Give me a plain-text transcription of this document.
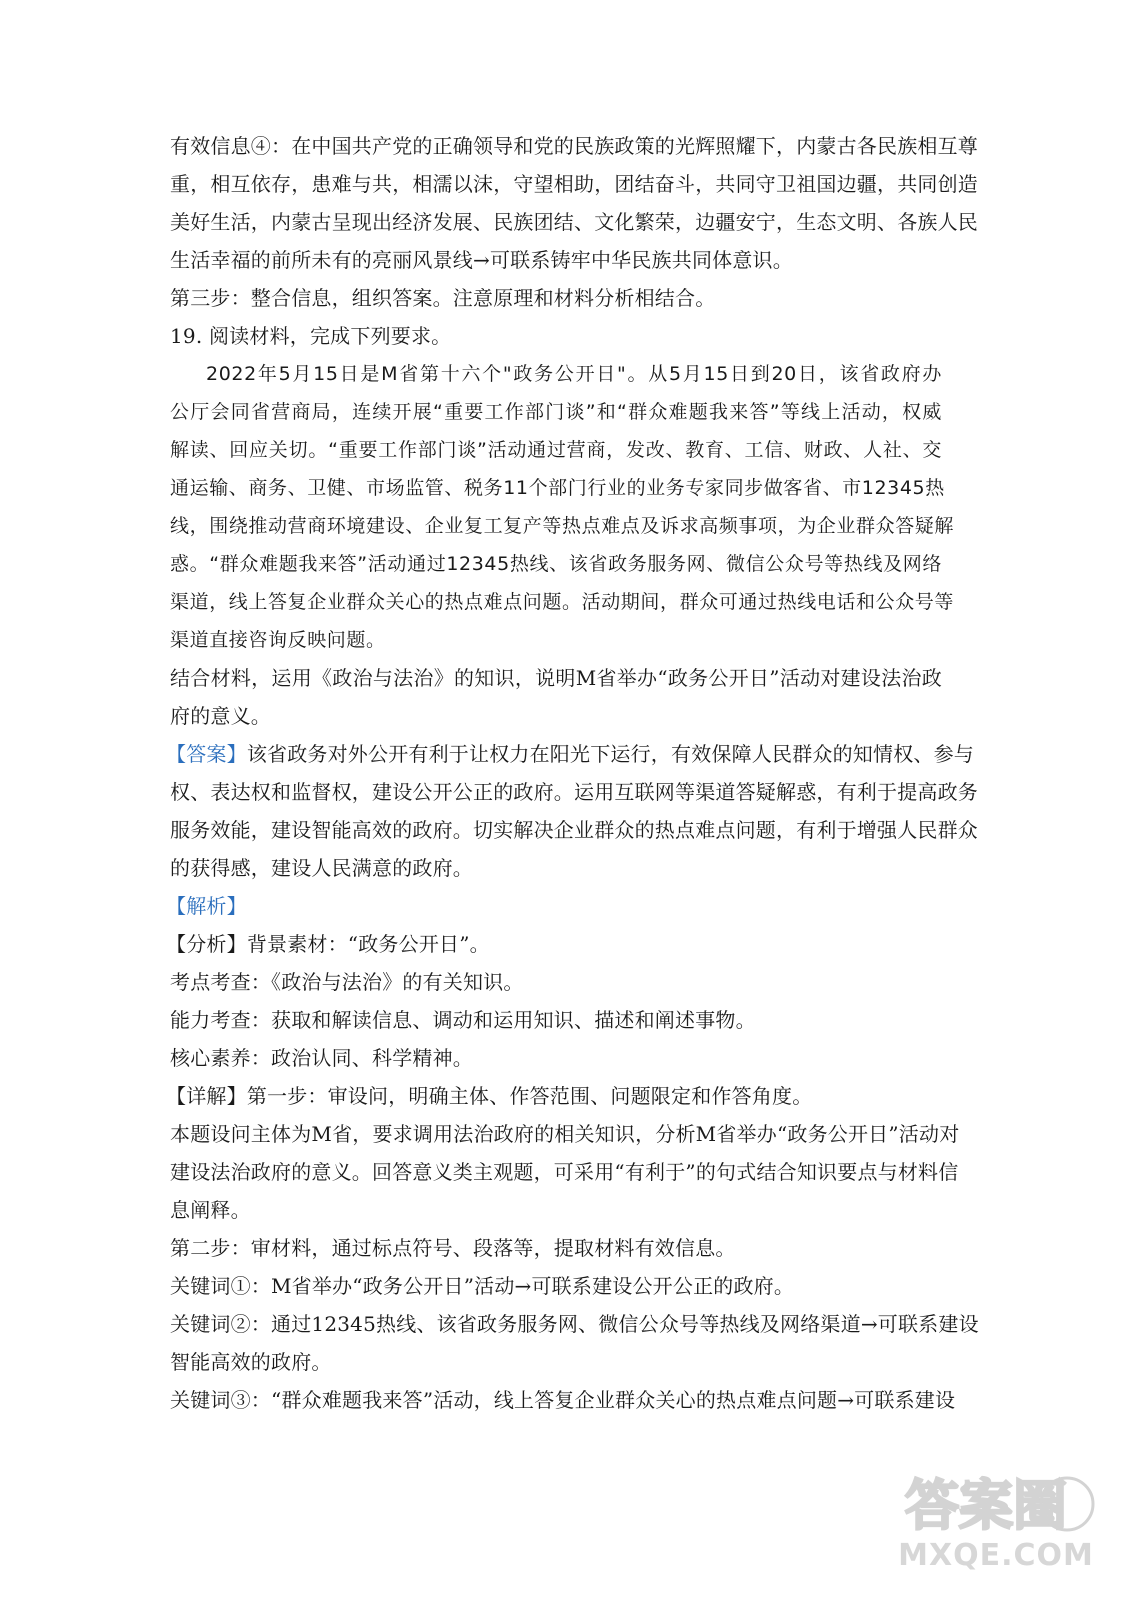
有效信息④：在中国共产党的正确领导和党的民族政策的光辉照耀下，内蒙古各民族相互尊
重，相互依存，患难与共，相濡以沫，守望相助，团结奋斗，共同守卫祖国边疆，共同创造
美好生活，内蒙古呈现出经济发展、民族团结、文化繁荣，边疆安宁，生态文明、各族人民
生活幸福的前所未有的亮丽风景线→可联系铸牢中华民族共同体意识。
第三步：整合信息，组织答案。注意原理和材料分析相结合。
19. 阅读材料，完成下列要求。
2022年5月15日是M省第十六个"政务公开日"。从5月15日到20日，该省政府办
公厅会同省营商局，连续开展“重要工作部门谈”和“群众难题我来答”等线上活动，权威
解读、回应关切。“重要工作部门谈”活动通过营商，发改、教育、工信、财政、人社、交
通运输、商务、卫健、市场监管、税务11个部门行业的业务专家同步做客省、市12345热
线，围绕推动营商环境建设、企业复工复产等热点难点及诉求高频事项，为企业群众答疑解
惑。“群众难题我来答”活动通过12345热线、该省政务服务网、微信公众号等热线及网络
渠道，线上答复企业群众关心的热点难点问题。活动期间，群众可通过热线电话和公众号等
渠道直接咨询反映问题。
结合材料，运用《政治与法治》的知识，说明M省举办“政务公开日”活动对建设法治政
府的意义。
【答案】 该省政务对外公开有利于让权力在阳光下运行，有效保障人民群众的知情权、参与
权、表达权和监督权，建设公开公正的政府。运用互联网等渠道答疑解惑，有利于提高政务
服务效能，建设智能高效的政府。切实解决企业群众的热点难点问题，有利于增强人民群众
的获得感，建设人民满意的政府。
【解析】
【分析】背景素材：“政务公开日”。
考点考查：《政治与法治》的有关知识。
能力考查：获取和解读信息、调动和运用知识、描述和阐述事物。
核心素养：政治认同、科学精神。
【详解】第一步：审设问，明确主体、作答范围、问题限定和作答角度。
本题设问主体为M省，要求调用法治政府的相关知识，分析M省举办“政务公开日”活动对
建设法治政府的意义。回答意义类主观题，可采用“有利于”的句式结合知识要点与材料信
息阐释。
第二步：审材料，通过标点符号、段落等，提取材料有效信息。
关键词①：M省举办“政务公开日”活动→可联系建设公开公正的政府。
关键词②：通过12345热线、该省政务服务网、微信公众号等热线及网络渠道→可联系建设
智能高效的政府。
关键词③：“群众难题我来答”活动，线上答复企业群众关心的热点难点问题→可联系建设
答案圈
MXQE.COM
